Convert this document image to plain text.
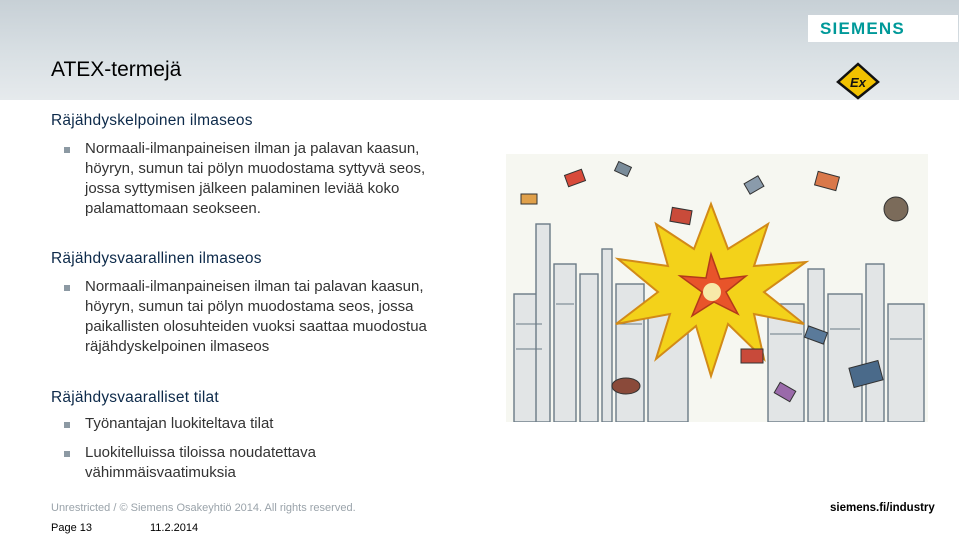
SIEMENS
Ex
ATEX-termejä
Räjähdyskelpoinen ilmaseos
Normaali-ilmanpaineisen ilman ja palavan kaasun,
höyryn, sumun tai pölyn muodostama syttyvä seos,
jossa syttymisen jälkeen palaminen leviää koko
palamattomaan seokseen.
Räjähdysvaarallinen ilmaseos
Normaali-ilmanpaineisen ilman tai palavan kaasun,
höyryn, sumun tai pölyn muodostama seos, jossa
paikallisten olosuhteiden vuoksi saattaa muodostua
räjähdyskelpoinen ilmaseos
Räjähdysvaaralliset tilat
Työnantajan luokiteltava tilat
Luokitelluissa tiloissa noudatettava
vähimmäisvaatimuksia
Unrestricted / © Siemens Osakeyhtiö 2014. All rights reserved.	siemens.fi/industry
Page 13	11.2.2014
